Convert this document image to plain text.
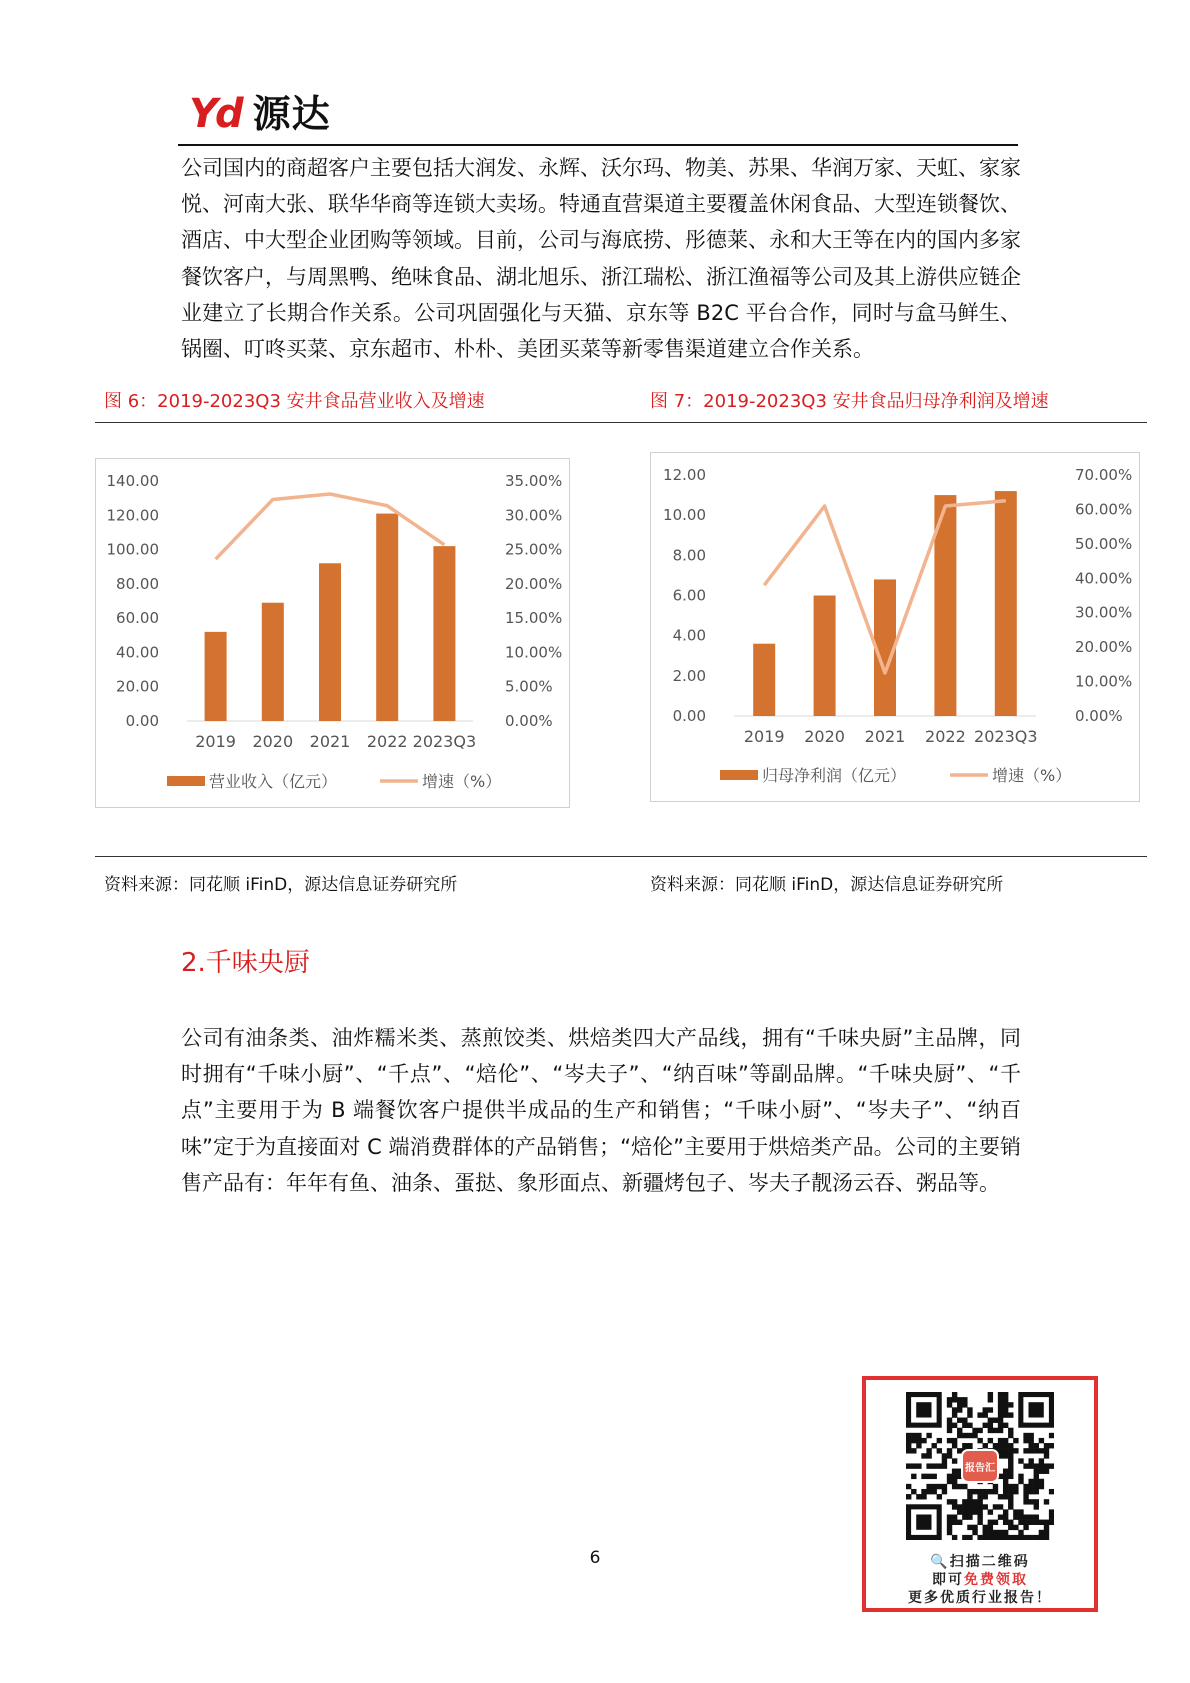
Yd 源达

公司国内的商超客户主要包括大润发、永辉、沃尔玛、物美、苏果、华润万家、天虹、家家悦、河南大张、联华华商等连锁大卖场。特通直营渠道主要覆盖休闲食品、大型连锁餐饮、酒店、中大型企业团购等领域。目前，公司与海底捞、彤德莱、永和大王等在内的国内多家餐饮客户，与周黑鸭、绝味食品、湖北旭乐、浙江瑞松、浙江渔福等公司及其上游供应链企业建立了长期合作关系。公司巩固强化与天猫、京东等 B2C 平台合作，同时与盒马鲜生、锅圈、叮咚买菜、京东超市、朴朴、美团买菜等新零售渠道建立合作关系。

图 6：2019-2023Q3 安井食品营业收入及增速	图 7：2019-2023Q3 安井食品归母净利润及增速
0.00
20.00
40.00
60.00
80.00
100.00
120.00
140.00
0.00%
5.00%
10.00%
15.00%
20.00%
25.00%
30.00%
35.00%
2019 2020 2021 2022 2023Q3
营业收入（亿元）	增速（%）
0.00
2.00
4.00
6.00
8.00
10.00
12.00
0.00%
10.00%
20.00%
30.00%
40.00%
50.00%
60.00%
70.00%
2019 2020 2021 2022 2023Q3
归母净利润（亿元）	增速（%）
资料来源：同花顺 iFinD，源达信息证券研究所	资料来源：同花顺 iFinD，源达信息证券研究所
2.千味央厨

公司有油条类、油炸糯米类、蒸煎饺类、烘焙类四大产品线，拥有“千味央厨”主品牌，同时拥有“千味小厨”、“千点”、“焙伦”、“岑夫子”、“纳百味”等副品牌。“千味央厨”、“千点”主要用于为 B 端餐饮客户提供半成品的生产和销售；“千味小厨”、“岑夫子”、“纳百味”定于为直接面对 C 端消费群体的产品销售；“焙伦”主要用于烘焙类产品。公司的主要销售产品有：年年有鱼、油条、蛋挞、象形面点、新疆烤包子、岑夫子靓汤云吞、粥品等。

6
报告汇
🔍扫描二维码
即可免费领取
更多优质行业报告！
